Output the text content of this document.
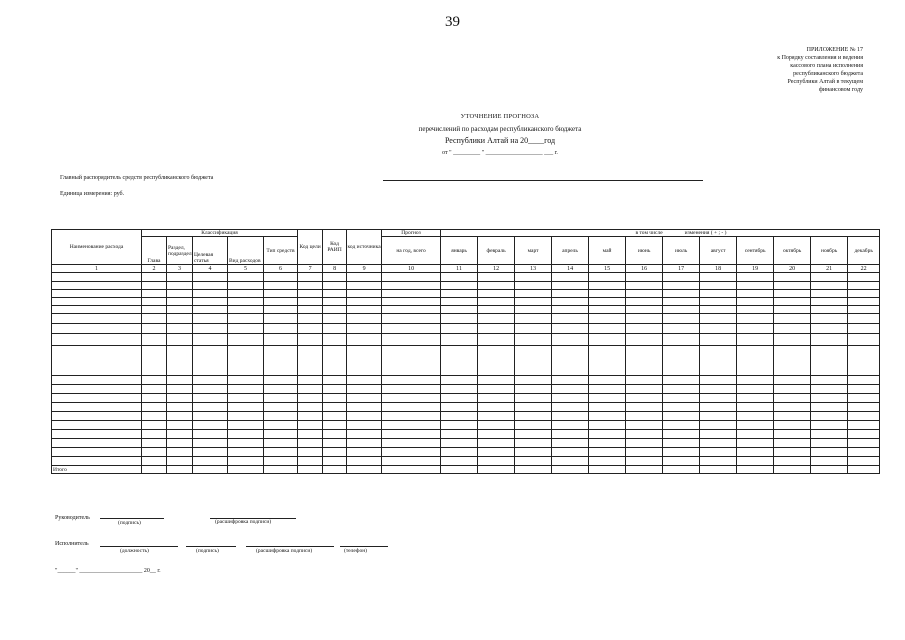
39
ПРИЛОЖЕНИЕ № 17
к Порядку составления и ведения
кассового плана исполнения
республиканского бюджета
Республики Алтай в текущем
финансовом году
УТОЧНЕНИЕ ПРОГНОЗА
перечислений по расходам республиканского бюджета
Республики Алтай на 20____год
от " _________ " ___________________ ___ г.
Главный распорядитель средств республиканского бюджета
Единица измерения: руб.
Наименование расхода	Классификация					Код цели	Код РАИП	код источника	Прогноз	в том числе						изменения ( + ; - )					
	Глава	Раздел, подраздел	Целевая статья	Вид расходов	Тип средств				на год, всего	январь	февраль	март	апрель	май	июнь	июль	август	сентябрь	октябрь	ноябрь	декабрь
1	2	3	4	5	6	7	8	9	10	11	12	13	14	15	16	17	18	19	20	21	22

Итого																					
Руководитель
(подпись)	(расшифровка подписи)
Исполнитель
(должность)	(подпись)	(расшифровка подписи)	(телефон)
"______" _____________________ 20__ г.
